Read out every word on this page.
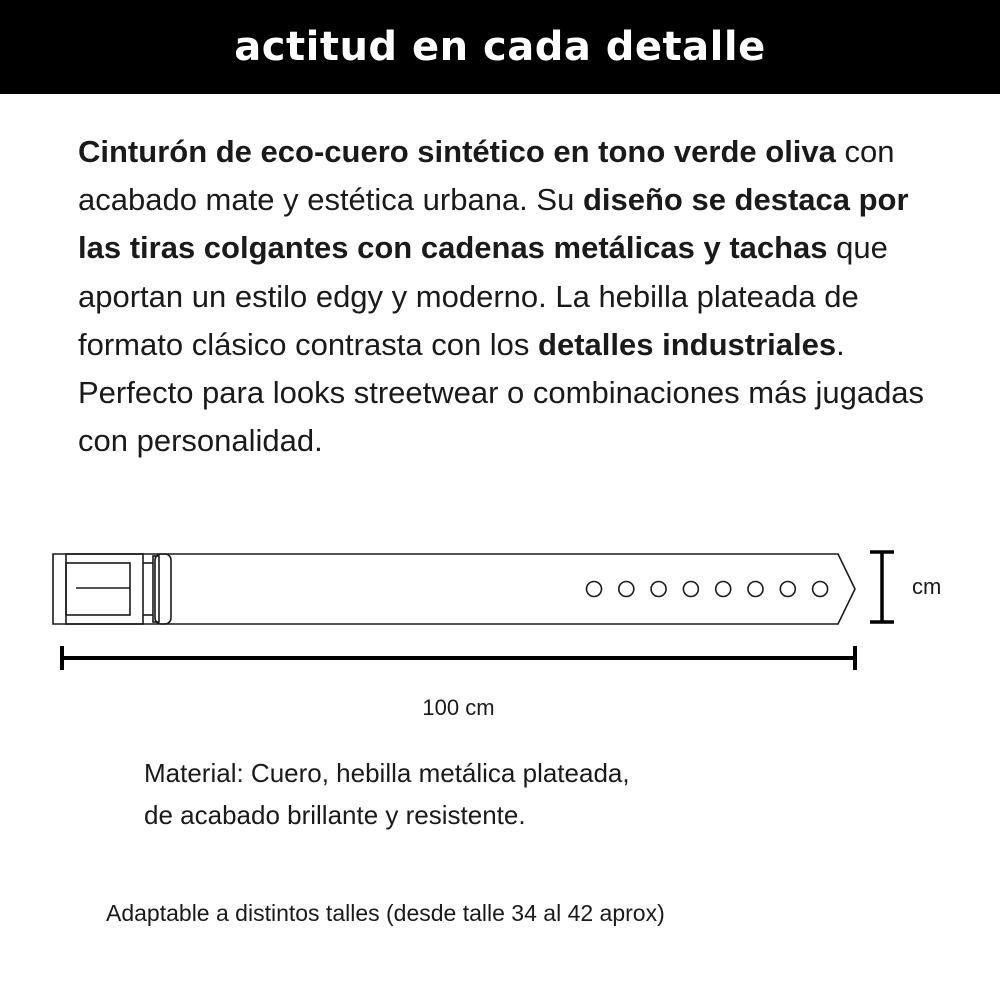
actitud en cada detalle

Cinturón de eco-cuero sintético en tono verde oliva con acabado mate y estética urbana. Su diseño se destaca por las tiras colgantes con cadenas metálicas y tachas que aportan un estilo edgy y moderno. La hebilla plateada de formato clásico contrasta con los detalles industriales. Perfecto para looks streetwear o combinaciones más jugadas con personalidad.

cm
100 cm

Material: Cuero, hebilla metálica plateada,
de acabado brillante y resistente.

Adaptable a distintos talles (desde talle 34 al 42 aprox)
